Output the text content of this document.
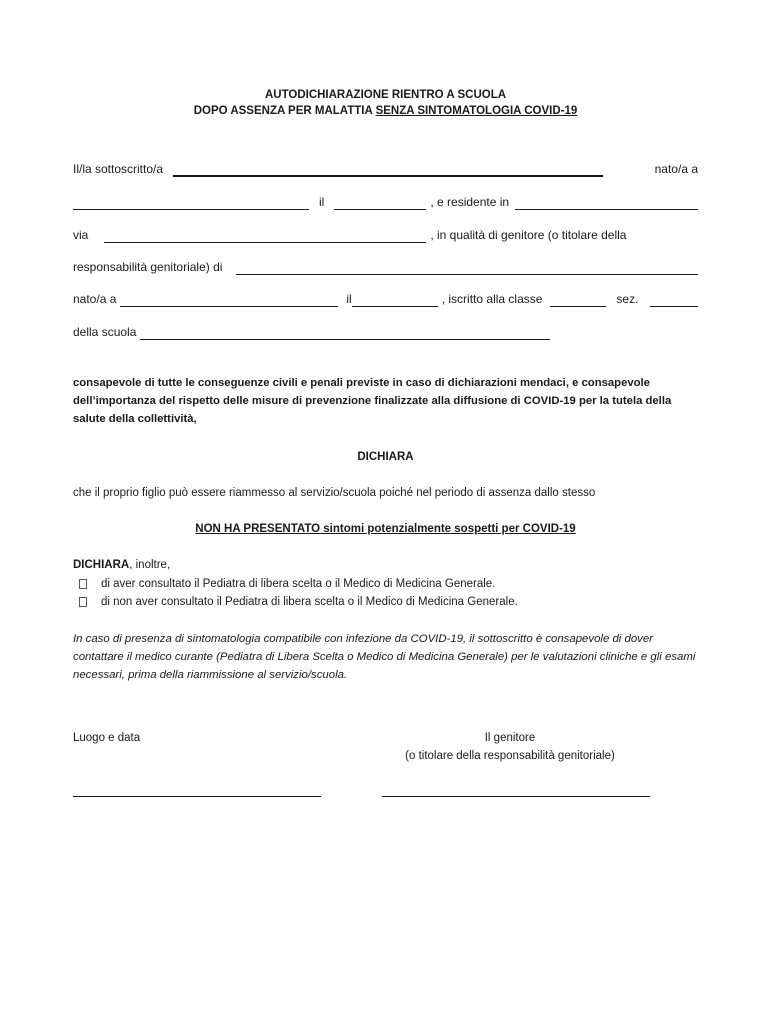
AUTODICHIARAZIONE RIENTRO A SCUOLA
DOPO ASSENZA PER MALATTIA SENZA SINTOMATOLOGIA COVID-19
Il/la sottoscritto/a	nato/a a
il	, e residente in
via	, in qualità di genitore (o titolare della
responsabilità genitoriale) di
nato/a a	il	, iscritto alla classe	sez.
della scuola
consapevole di tutte le conseguenze civili e penali previste in caso di dichiarazioni mendaci, e consapevole dell’importanza del rispetto delle misure di prevenzione finalizzate alla diffusione di COVID-19 per la tutela della salute della collettività,
DICHIARA
che il proprio figlio può essere riammesso al servizio/scuola poiché nel periodo di assenza dallo stesso
NON HA PRESENTATO sintomi potenzialmente sospetti per COVID-19
DICHIARA, inoltre,
di aver consultato il Pediatra di libera scelta o il Medico di Medicina Generale.
di non aver consultato il Pediatra di libera scelta o il Medico di Medicina Generale.
In caso di presenza di sintomatologia compatibile con infezione da COVID-19, il sottoscritto è consapevole di dover contattare il medico curante (Pediatra di Libera Scelta o Medico di Medicina Generale) per le valutazioni cliniche e gli esami necessari, prima della riammissione al servizio/scuola.
Luogo e data	Il genitore
(o titolare della responsabilità genitoriale)
